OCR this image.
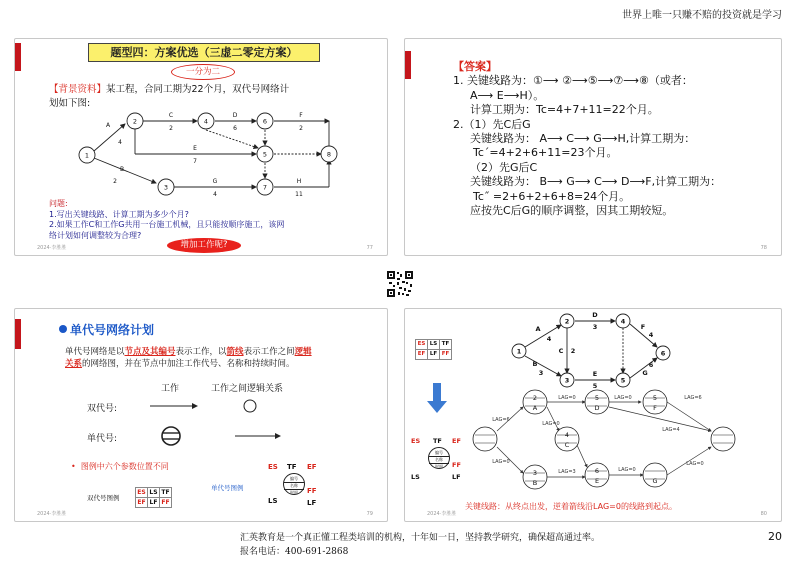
世界上唯一只赚不赔的投资就是学习
题型四：方案优选（三虚二零定方案）
一分为二
【背景资料】某工程，合同工期为22个月，双代号网络计
划如下图:
1
2
3
4
5
6
7
8
A
4
C
2
D
6
F
2
E
7
B
2	G
4
H
11
问题:
1.写出关键线路、计算工期为多少个月?
2.如果工作C和工作G共用一台施工机械，且只能按顺序施工，该网
络计划如何调整较为合理?
增加工作呢?
2024·李胜胜	77
【答案】
1. 关键线路为：①⟶ ②⟶⑤⟶⑦⟶⑧（或者：
A⟶ E⟶H）。
计算工期为：Tc=4+7+11=22个月。
2.（1）先C后G
关键线路为： A⟶ C⟶ G⟶H,计算工期为：
Tc´=4+2+6+11=23个月。
（2）先G后C
关键线路为： B⟶ G⟶ C⟶ D⟶F,计算工期为：
Tc˝ =2+6+2+6+8=24个月。
应按先C后G的顺序调整，因其工期较短。
78
单代号网络计划
单代号网络是以节点及其编号表示工作，以箭线表示工作之间逻辑
关系的网络图，并在节点中加注工作代号、名称和持续时间。
工作	工作之间逻辑关系
双代号:
单代号:
• 图例中六个参数位置不同
双代号图例
ES	LS	TF
EF	LF	FF
单代号图例
ES
LS
TF EF
FF
LF
编号
名称
时间
2024·李胜胜	79
ES	LS	TF
EF	LF	FF
ES TF EF
FF
LS	LF
编号
名称
时间
1
2
3
4
5
6
A
4
D
3
B
3
C 2
E
5
F
4
G
6
LAG=0	LAG=0	LAG=6
LAG=6
LAG=4
LAG=0
LAG=0
LAG=3	LAG=0
LAG=0
2
A
5
D
5
F
3
B
4
C
6
E	G
关键线路：从终点出发，逆着箭线沿LAG=0的线路到起点。
2024·李胜胜	80
汇英教育是一个真正懂工程类培训的机构，十年如一日，坚持教学研究，确保超高通过率。
报名电话：400-691-2868
20
